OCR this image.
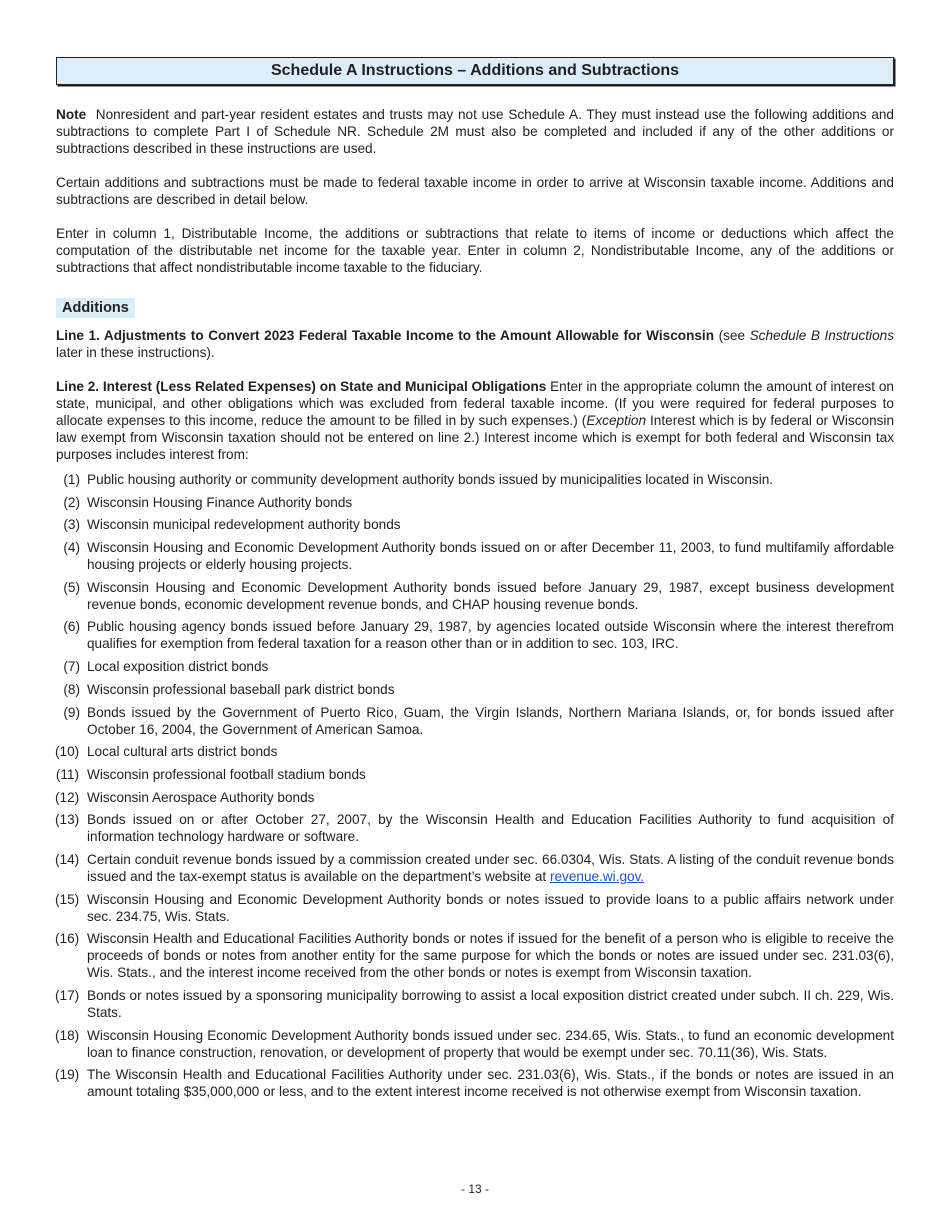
Schedule A Instructions – Additions and Subtractions

Note Nonresident and part-year resident estates and trusts may not use Schedule A. They must instead use the following additions and subtractions to complete Part I of Schedule NR. Schedule 2M must also be completed and included if any of the other additions or subtractions described in these instructions are used.

Certain additions and subtractions must be made to federal taxable income in order to arrive at Wisconsin taxable income. Additions and subtractions are described in detail below.

Enter in column 1, Distributable Income, the additions or subtractions that relate to items of income or deductions which affect the computation of the distributable net income for the taxable year. Enter in column 2, Nondistributable Income, any of the additions or subtractions that affect nondistributable income taxable to the fiduciary.

Additions

Line 1. Adjustments to Convert 2023 Federal Taxable Income to the Amount Allowable for Wisconsin (see Schedule B Instructions later in these instructions).

Line 2. Interest (Less Related Expenses) on State and Municipal Obligations Enter in the appropriate column the amount of interest on state, municipal, and other obligations which was excluded from federal taxable income. (If you were required for federal purposes to allocate expenses to this income, reduce the amount to be filled in by such expenses.) (Exception Interest which is by federal or Wisconsin law exempt from Wisconsin taxation should not be entered on line 2.) Interest income which is exempt for both federal and Wisconsin tax purposes includes interest from:

(1) Public housing authority or community development authority bonds issued by municipalities located in Wisconsin.
(2) Wisconsin Housing Finance Authority bonds
(3) Wisconsin municipal redevelopment authority bonds
(4) Wisconsin Housing and Economic Development Authority bonds issued on or after December 11, 2003, to fund multifamily affordable housing projects or elderly housing projects.
(5) Wisconsin Housing and Economic Development Authority bonds issued before January 29, 1987, except business development revenue bonds, economic development revenue bonds, and CHAP housing revenue bonds.
(6) Public housing agency bonds issued before January 29, 1987, by agencies located outside Wisconsin where the interest therefrom qualifies for exemption from federal taxation for a reason other than or in addition to sec. 103, IRC.
(7) Local exposition district bonds
(8) Wisconsin professional baseball park district bonds
(9) Bonds issued by the Government of Puerto Rico, Guam, the Virgin Islands, Northern Mariana Islands, or, for bonds issued after October 16, 2004, the Government of American Samoa.
(10) Local cultural arts district bonds
(11) Wisconsin professional football stadium bonds
(12) Wisconsin Aerospace Authority bonds
(13) Bonds issued on or after October 27, 2007, by the Wisconsin Health and Education Facilities Authority to fund acquisition of information technology hardware or software.
(14) Certain conduit revenue bonds issued by a commission created under sec. 66.0304, Wis. Stats. A listing of the conduit revenue bonds issued and the tax-exempt status is available on the department’s website at revenue.wi.gov.
(15) Wisconsin Housing and Economic Development Authority bonds or notes issued to provide loans to a public affairs network under sec. 234.75, Wis. Stats.
(16) Wisconsin Health and Educational Facilities Authority bonds or notes if issued for the benefit of a person who is eligible to receive the proceeds of bonds or notes from another entity for the same purpose for which the bonds or notes are issued under sec. 231.03(6), Wis. Stats., and the interest income received from the other bonds or notes is exempt from Wisconsin taxation.
(17) Bonds or notes issued by a sponsoring municipality borrowing to assist a local exposition district created under subch. II ch. 229, Wis. Stats.
(18) Wisconsin Housing Economic Development Authority bonds issued under sec. 234.65, Wis. Stats., to fund an economic development loan to finance construction, renovation, or development of property that would be exempt under sec. 70.11(36), Wis. Stats.
(19) The Wisconsin Health and Educational Facilities Authority under sec. 231.03(6), Wis. Stats., if the bonds or notes are issued in an amount totaling $35,000,000 or less, and to the extent interest income received is not otherwise exempt from Wisconsin taxation.
- 13 -
